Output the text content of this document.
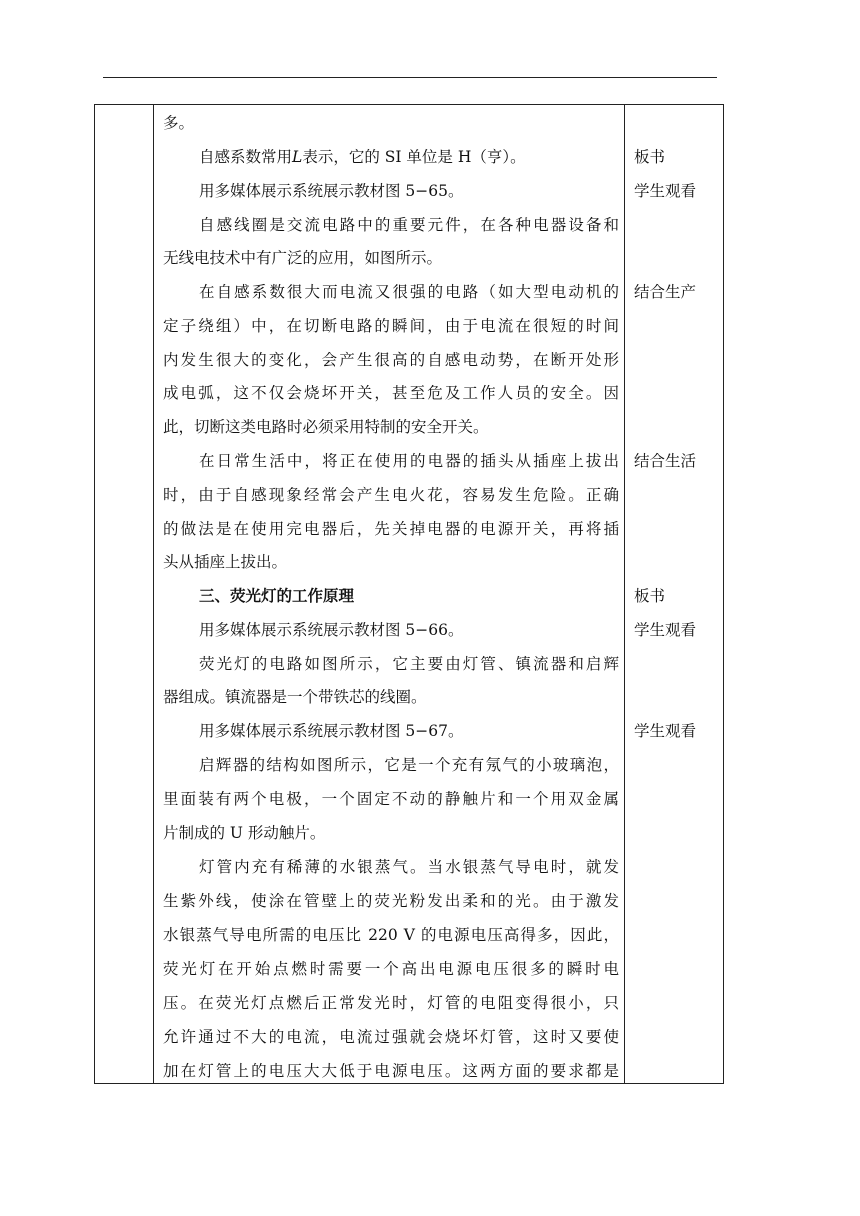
多。
自感系数常用L表示，它的 SI 单位是 H（亨）。
用多媒体展示系统展示教材图 5−65。
自感线圈是交流电路中的重要元件，在各种电器设备和
无线电技术中有广泛的应用，如图所示。
在自感系数很大而电流又很强的电路（如大型电动机的
定子绕组）中，在切断电路的瞬间，由于电流在很短的时间
内发生很大的变化，会产生很高的自感电动势，在断开处形
成电弧，这不仅会烧坏开关，甚至危及工作人员的安全。因
此，切断这类电路时必须采用特制的安全开关。
在日常生活中，将正在使用的电器的插头从插座上拔出
时，由于自感现象经常会产生电火花，容易发生危险。正确
的做法是在使用完电器后，先关掉电器的电源开关，再将插
头从插座上拔出。
三、荧光灯的工作原理
用多媒体展示系统展示教材图 5−66。
荧光灯的电路如图所示，它主要由灯管、镇流器和启辉
器组成。镇流器是一个带铁芯的线圈。
用多媒体展示系统展示教材图 5−67。
启辉器的结构如图所示，它是一个充有氖气的小玻璃泡，
里面装有两个电极，一个固定不动的静触片和一个用双金属
片制成的 U 形动触片。
灯管内充有稀薄的水银蒸气。当水银蒸气导电时，就发
生紫外线，使涂在管壁上的荧光粉发出柔和的光。由于激发
水银蒸气导电所需的电压比 220 V 的电源电压高得多，因此，
荧光灯在开始点燃时需要一个高出电源电压很多的瞬时电
压。在荧光灯点燃后正常发光时，灯管的电阻变得很小，只
允许通过不大的电流，电流过强就会烧坏灯管，这时又要使
加在灯管上的电压大大低于电源电压。这两方面的要求都是
板书
学生观看
结合生产
结合生活
板书
学生观看
学生观看
